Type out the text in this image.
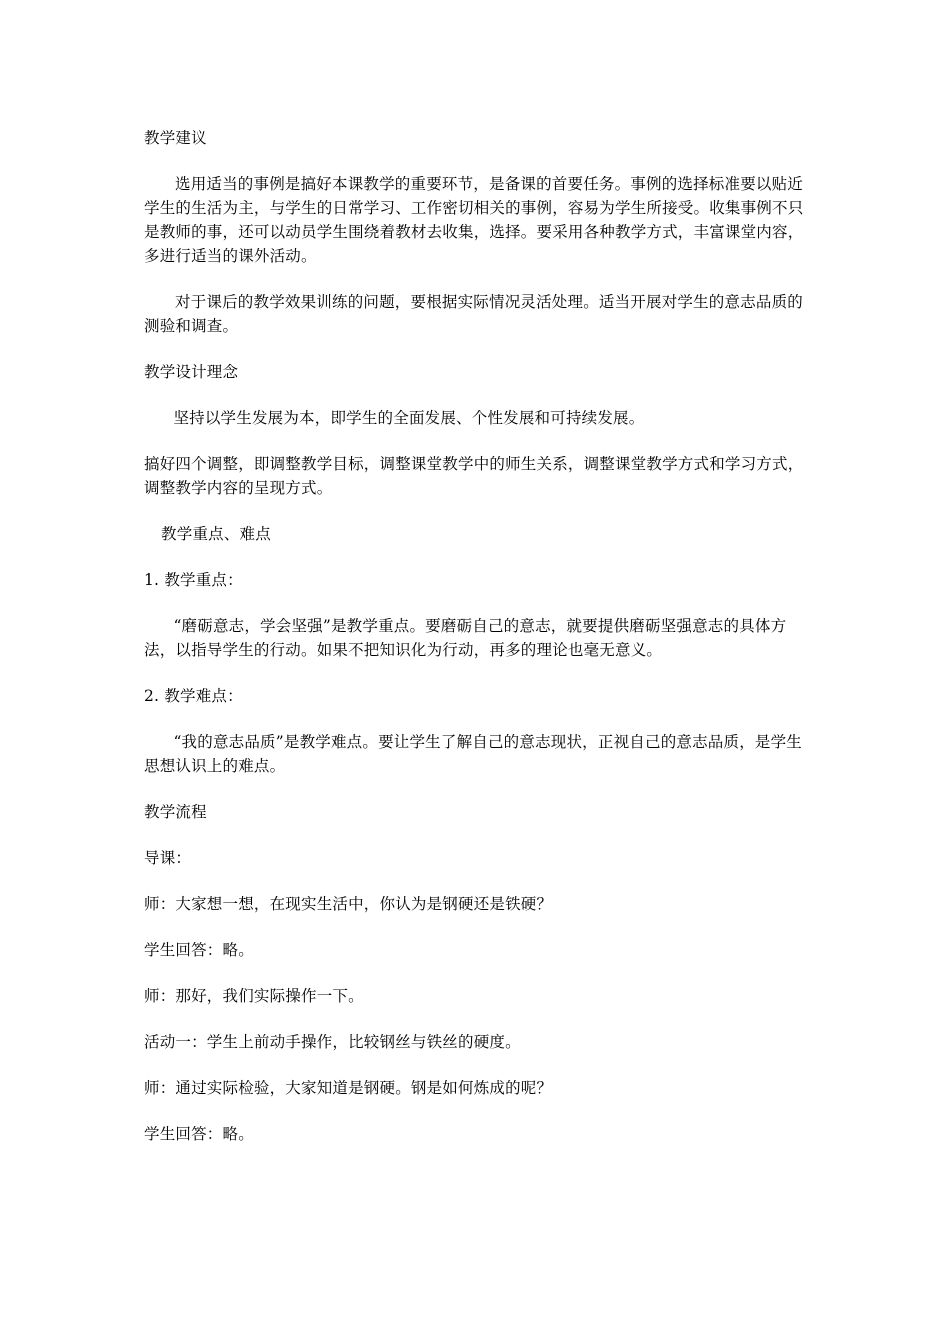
教学建议

选用适当的事例是搞好本课教学的重要环节，是备课的首要任务。事例的选择标准要以贴近学生的生活为主，与学生的日常学习、工作密切相关的事例，容易为学生所接受。收集事例不只是教师的事，还可以动员学生围绕着教材去收集，选择。要采用各种教学方式，丰富课堂内容，多进行适当的课外活动。

对于课后的教学效果训练的问题，要根据实际情况灵活处理。适当开展对学生的意志品质的测验和调查。

教学设计理念

坚持以学生发展为本，即学生的全面发展、个性发展和可持续发展。

搞好四个调整，即调整教学目标，调整课堂教学中的师生关系，调整课堂教学方式和学习方式，调整教学内容的呈现方式。

教学重点、难点

1. 教学重点：

“磨砺意志，学会坚强”是教学重点。要磨砺自己的意志，就要提供磨砺坚强意志的具体方法，以指导学生的行动。如果不把知识化为行动，再多的理论也毫无意义。

2. 教学难点：

“我的意志品质”是教学难点。要让学生了解自己的意志现状，正视自己的意志品质，是学生思想认识上的难点。

教学流程

导课：

师：大家想一想，在现实生活中，你认为是钢硬还是铁硬？

学生回答：略。

师：那好，我们实际操作一下。

活动一：学生上前动手操作，比较钢丝与铁丝的硬度。

师：通过实际检验，大家知道是钢硬。钢是如何炼成的呢？

学生回答：略。
